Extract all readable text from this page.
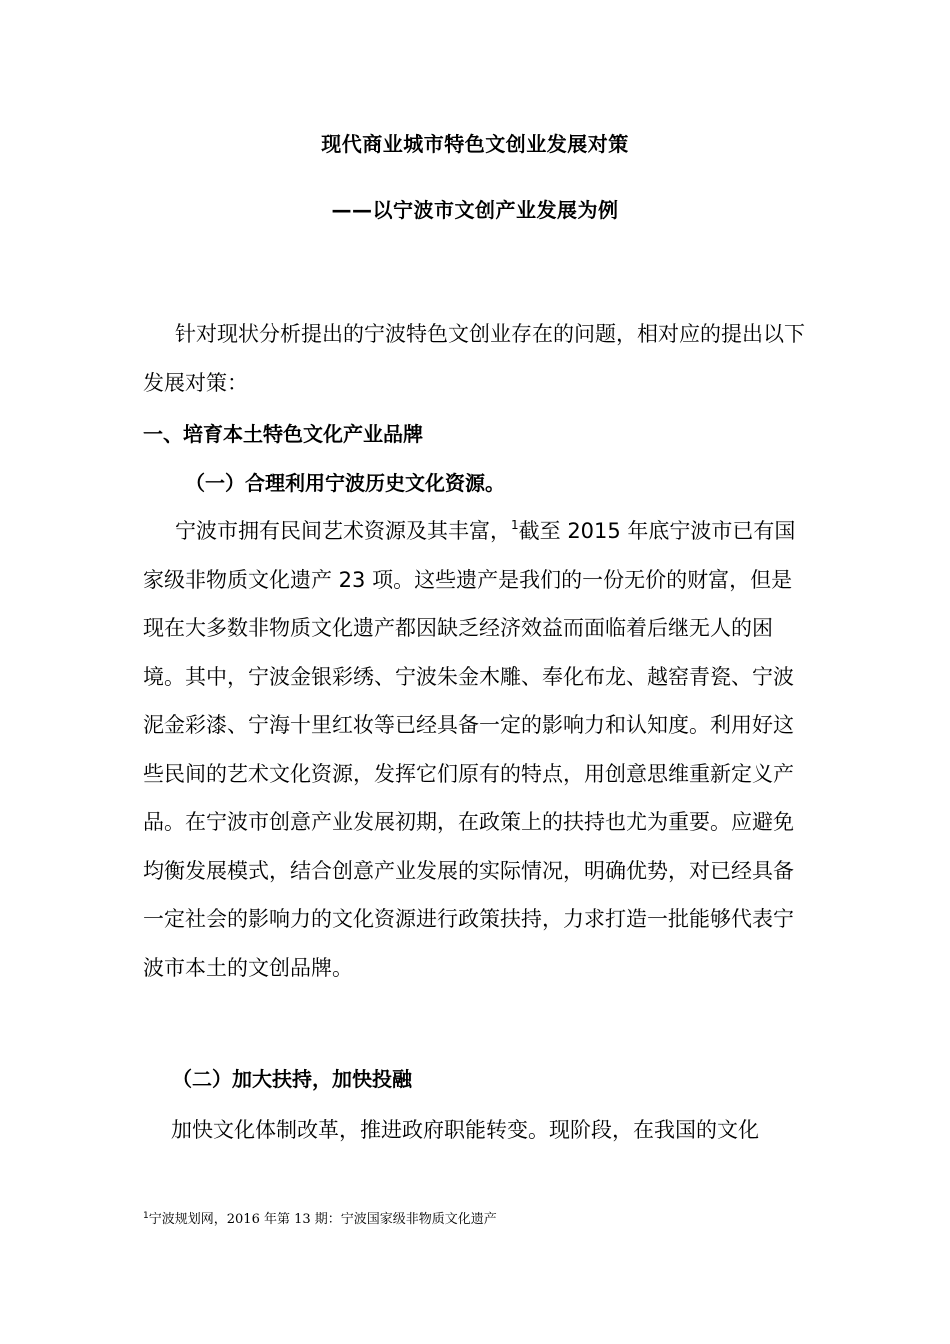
现代商业城市特色文创业发展对策
——以宁波市文创产业发展为例
针对现状分析提出的宁波特色文创业存在的问题，相对应的提出以下发展对策：
一、培育本土特色文化产业品牌
（一）合理利用宁波历史文化资源。
宁波市拥有民间艺术资源及其丰富，$^1$截至 2015 年底宁波市已有国家级非物质文化遗产 23 项。这些遗产是我们的一份无价的财富，但是现在大多数非物质文化遗产都因缺乏经济效益而面临着后继无人的困境。其中，宁波金银彩绣、宁波朱金木雕、奉化布龙、越窑青瓷、宁波泥金彩漆、宁海十里红妆等已经具备一定的影响力和认知度。利用好这些民间的艺术文化资源，发挥它们原有的特点，用创意思维重新定义产品。在宁波市创意产业发展初期，在政策上的扶持也尤为重要。应避免均衡发展模式，结合创意产业发展的实际情况，明确优势，对已经具备一定社会的影响力的文化资源进行政策扶持，力求打造一批能够代表宁波市本土的文创品牌。
（二）加大扶持，加快投融
加快文化体制改革，推进政府职能转变。现阶段，在我国的文化
$^1$宁波规划网，2016 年第 13 期：宁波国家级非物质文化遗产
